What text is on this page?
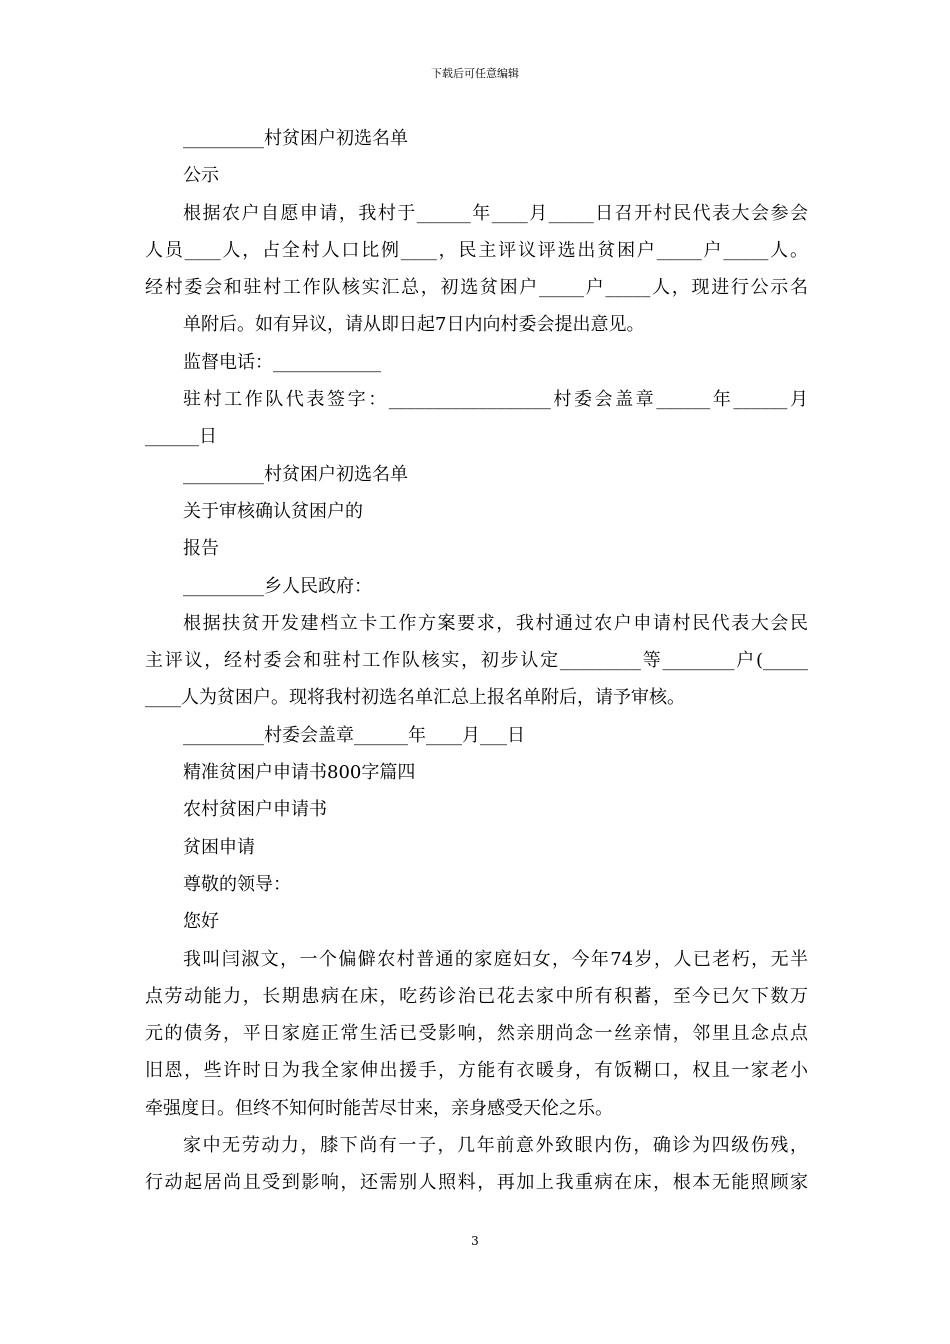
下载后可任意编辑
_________村贫困户初选名单
公示
根据农户自愿申请，我村于______年____月_____日召开村民代表大会参会
人员____人，占全村人口比例____，民主评议评选出贫困户_____户_____人。
经村委会和驻村工作队核实汇总，初选贫困户_____户_____人，现进行公示名
单附后。如有异议，请从即日起7日内向村委会提出意见。
监督电话：____________
驻村工作队代表签字：__________________村委会盖章______年______月
______日
_________村贫困户初选名单
关于审核确认贫困户的
报告
_________乡人民政府：
根据扶贫开发建档立卡工作方案要求，我村通过农户申请村民代表大会民
主评议，经村委会和驻村工作队核实，初步认定_________等________户(_____
____人为贫困户。现将我村初选名单汇总上报名单附后，请予审核。
_________村委会盖章______年____月___日
精准贫困户申请书800字篇四
农村贫困户申请书
贫困申请
尊敬的领导：
您好
我叫闫淑文，一个偏僻农村普通的家庭妇女，今年74岁，人已老朽，无半
点劳动能力，长期患病在床，吃药诊治已花去家中所有积蓄，至今已欠下数万
元的债务，平日家庭正常生活已受影响，然亲朋尚念一丝亲情，邻里且念点点
旧恩，些许时日为我全家伸出援手，方能有衣暖身，有饭糊口，权且一家老小
牵强度日。但终不知何时能苦尽甘来，亲身感受天伦之乐。
家中无劳动力，膝下尚有一子，几年前意外致眼内伤，确诊为四级伤残，
行动起居尚且受到影响，还需别人照料，再加上我重病在床，根本无能照顾家
3
